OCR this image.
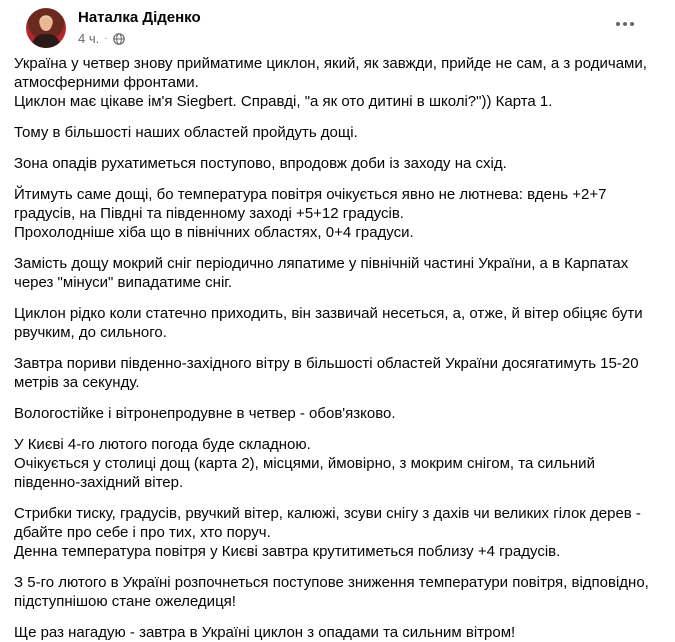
Наталка Діденко
4 ч. ·

Україна у четвер знову прийматиме циклон, який, як завжди, прийде не сам, а з родичами,
атмосферними фронтами.
Циклон має цікаве ім'я Siegbert. Справді, "а як ото дитині в школі?")) Карта 1.

Тому в більшості наших областей пройдуть дощі.

Зона опадів рухатиметься поступово, впродовж доби із заходу на схід.

Йтимуть саме дощі, бо температура повітря очікується явно не лютнева: вдень +2+7
градусів, на Півдні та південному заході +5+12 градусів.
Прохолодніше хіба що в північних областях, 0+4 градуси.

Замість дощу мокрий сніг періодично ляпатиме у північній частині України, а в Карпатах
через "мінуси" випадатиме сніг.

Циклон рідко коли статечно приходить, він зазвичай несеться, а, отже, й вітер обіцяє бути
рвучким, до сильного.

Завтра пориви південно-західного вітру в більшості областей України досягатимуть 15-20
метрів за секунду.

Вологостійке і вітронепродувне в четвер - обов'язково.

У Києві 4-го лютого погода буде складною.
Очікується у столиці дощ (карта 2), місцями, ймовірно, з мокрим снігом, та сильний
південно-західний вітер.

Стрибки тиску, градусів, рвучкий вітер, калюжі, зсуви снігу з дахів чи великих гілок дерев -
дбайте про себе і про тих, хто поруч.
Денна температура повітря у Києві завтра крутитиметься поблизу +4 градусів.

З 5-го лютого в Україні розпочнеться поступове зниження температури повітря, відповідно,
підступнішою стане ожеледиця!

Ще раз нагадую - завтра в Україні циклон з опадами та сильним вітром!
